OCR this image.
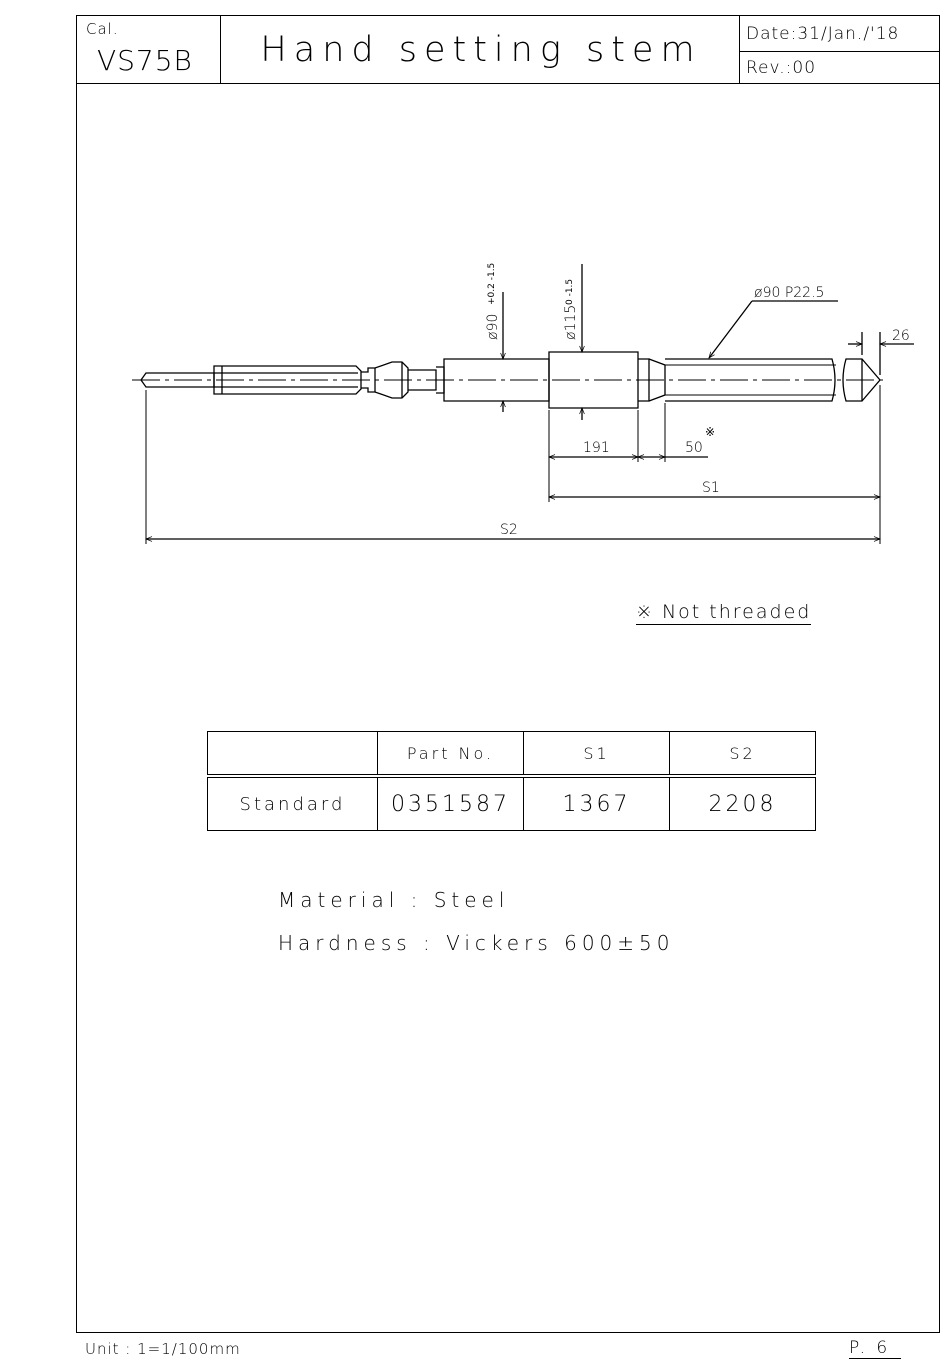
Cal.
VS75B	Hand setting stem	Date:31/Jan./'18
Rev.:00
ø90
+0.2 -1.5
ø115
0 -1.5	ø90 P22.5
26
191	50
※
S1
S2
※ Not threaded
	Part No.	S1	S2
Standard	0351587	1367	2208
Material : Steel
Hardness : Vickers 600±50
Unit : 1=1/100mm	P. 6
